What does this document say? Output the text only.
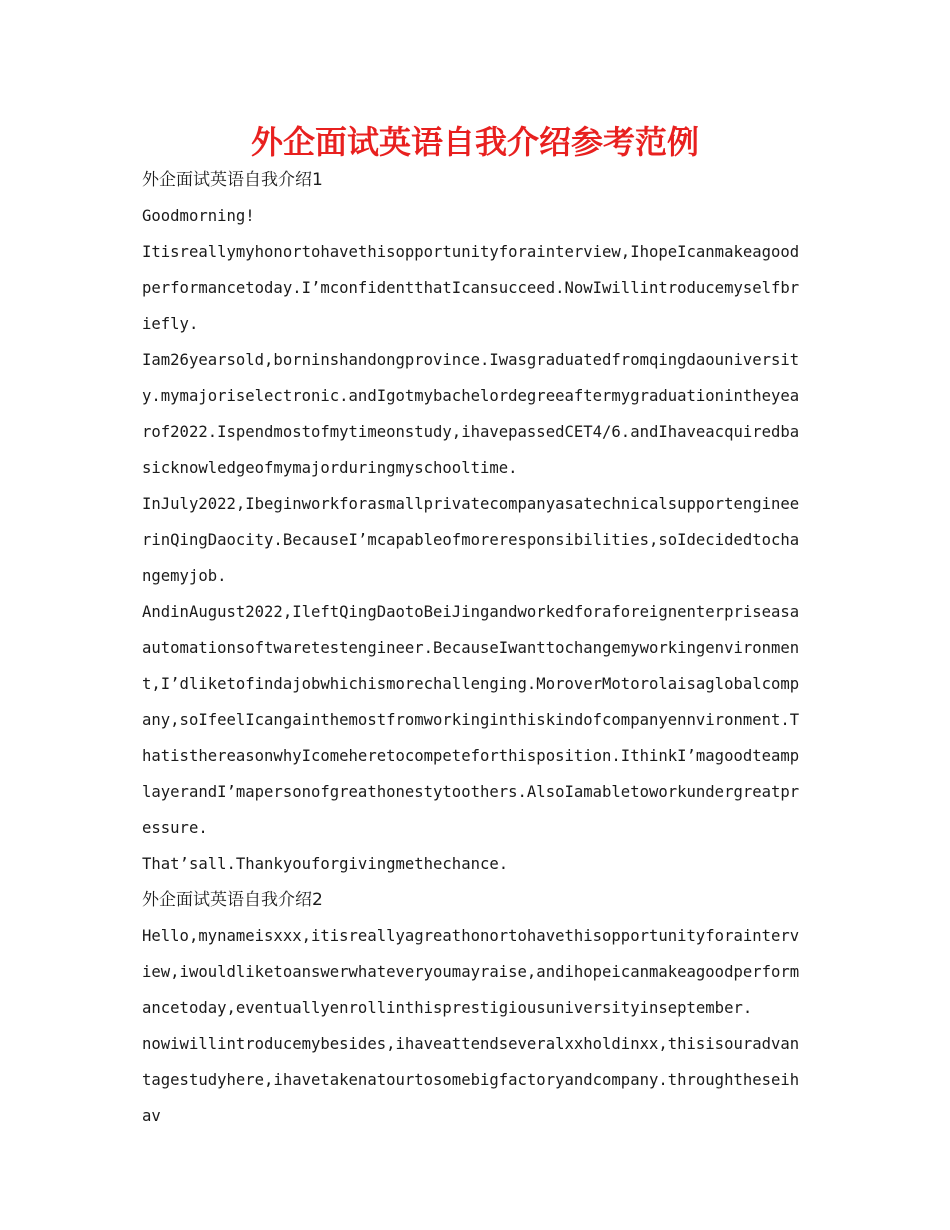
外企面试英语自我介绍参考范例

外企面试英语自我介绍1

Goodmorning!

Itisreallymyhonortohavethisopportunityforainterview,IhopeIcanmakeagoodperformancetoday.I’mconfidentthatIcansucceed.NowIwillintroducemyselfbriefly.

Iam26yearsold,borninshandongprovince.Iwasgraduatedfromqingdaouniversity.mymajoriselectronic.andIgotmybachelordegreeaftermygraduationintheyearof2022.Ispendmostofmytimeonstudy,ihavepassedCET4/6.andIhaveacquiredbasicknowledgeofmymajorduringmyschooltime.

InJuly2022,IbeginworkforasmallprivatecompanyasatechnicalsupportengineerinQingDaocity.BecauseI’mcapableofmoreresponsibilities,soIdecidedtochangemyjob.

AndinAugust2022,IleftQingDaotoBeiJingandworkedforaforeignenterpriseasaautomationsoftwaretestengineer.BecauseIwanttochangemyworkingenvironment,I’dliketofindajobwhichismorechallenging.MoroverMotorolaisaglobalcompany,soIfeelIcangainthemostfromworkinginthiskindofcompanyennvironment.ThatisthereasonwhyIcomeheretocompeteforthisposition.IthinkI’magoodteamplayerandI’mapersonofgreathonestytoothers.AlsoIamabletoworkundergreatpressure.

That’sall.Thankyouforgivingmethechance.

外企面试英语自我介绍2

Hello,mynameisxxx,itisreallyagreathonortohavethisopportunityforainterview,iwouldliketoanswerwhateveryoumayraise,andihopeicanmakeagoodperformancetoday,eventuallyenrollinthisprestigiousuniversityinseptember.

nowiwillintroducemybesides,ihaveattendseveralxxholdinxx,thisisouradvantagestudyhere,ihavetakenatourtosomebigfactoryandcompany.throughtheseihav
